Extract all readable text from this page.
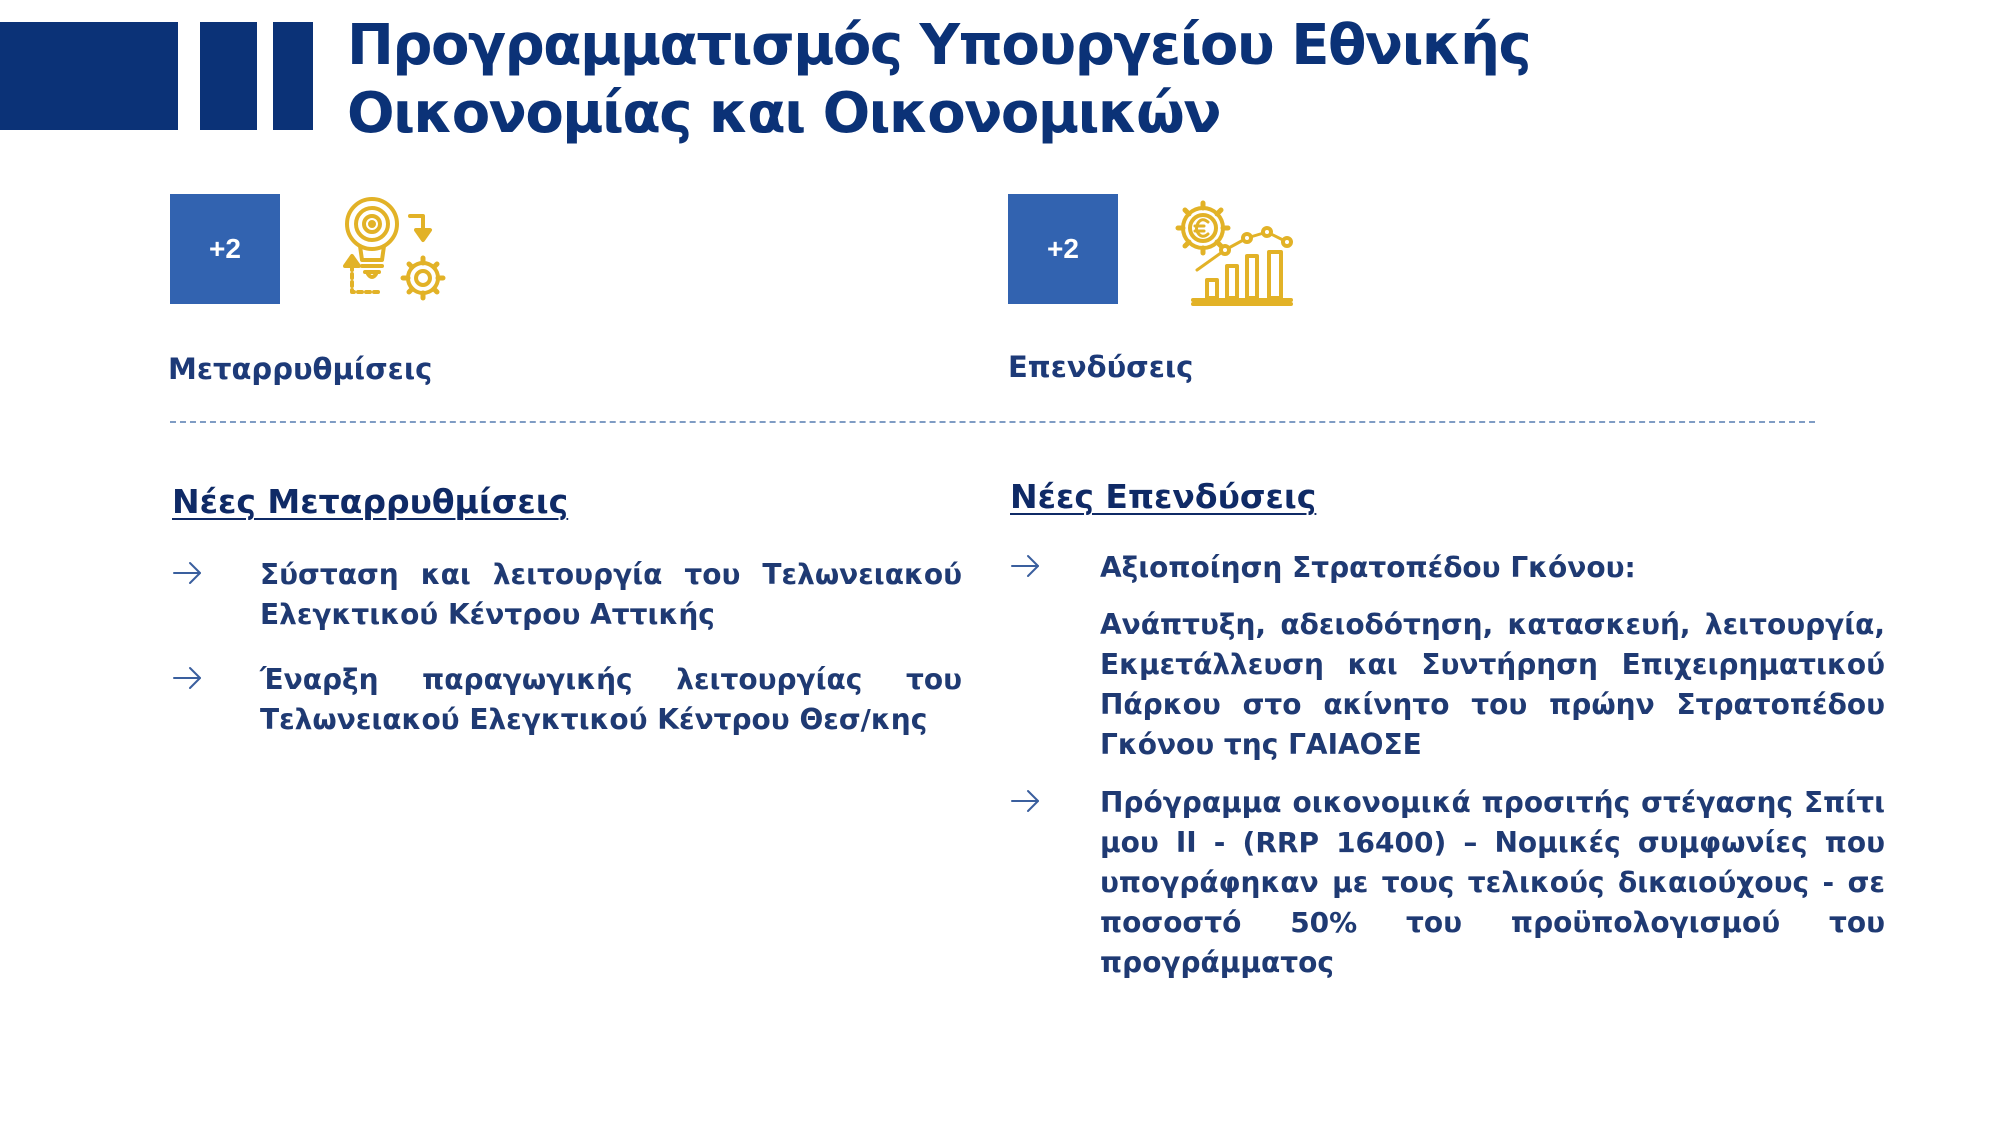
Προγραμματισμός Υπουργείου Εθνικής
Οικονομίας και Οικονομικών
+2
Μεταρρυθμίσεις
+2
Επενδύσεις
Νέες Μεταρρυθμίσεις

Σύσταση και λειτουργία του Τελωνειακού Ελεγκτικού Κέντρου Αττικής

Έναρξη παραγωγικής λειτουργίας του Τελωνειακού Ελεγκτικού Κέντρου Θεσ/κης

Νέες Επενδύσεις

Αξιοποίηση Στρατοπέδου Γκόνου:

Ανάπτυξη, αδειοδότηση, κατασκευή, λειτουργία, Εκμετάλλευση και Συντήρηση Επιχειρηματικού Πάρκου στο ακίνητο του πρώην Στρατοπέδου Γκόνου της ΓΑΙΑΟΣΕ

Πρόγραμμα οικονομικά προσιτής στέγασης Σπίτι μου ΙΙ - (RRP 16400) – Νομικές συμφωνίες που υπογράφηκαν με τους τελικούς δικαιούχους - σε ποσοστό 50% του προϋπολογισμού του προγράμματος
